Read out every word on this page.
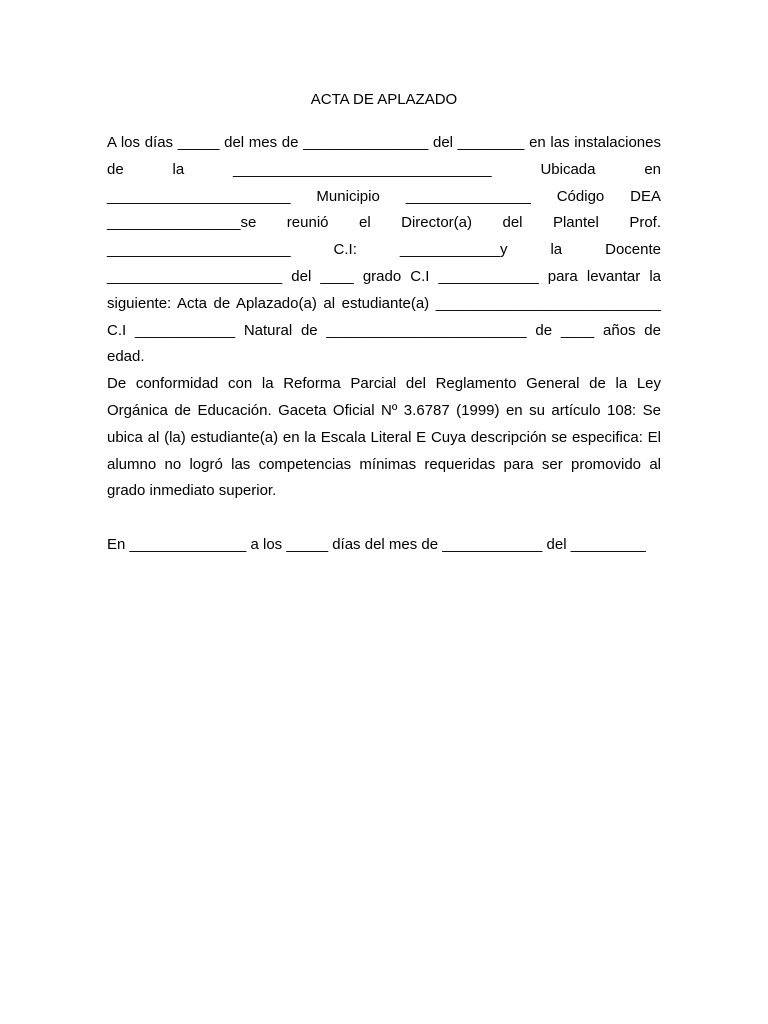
ACTA DE APLAZADO

A los días _____ del mes de _______________ del ________ en las instalaciones de la _______________________________ Ubicada en ______________________ Municipio _______________ Código DEA ________________se reunió el Director(a) del Plantel Prof. ______________________ C.I: ____________y la Docente _____________________ del ____ grado C.I ____________ para levantar la siguiente: Acta de Aplazado(a) al estudiante(a) ___________________________ C.I ____________ Natural de ________________________ de ____ años de edad.

De conformidad con la Reforma Parcial del Reglamento General de la Ley Orgánica de Educación. Gaceta Oficial Nº 3.6787 (1999) en su artículo 108: Se ubica al (la) estudiante(a) en la Escala Literal E Cuya descripción se especifica: El alumno no logró las competencias mínimas requeridas para ser promovido al grado inmediato superior.

En ______________ a los _____ días del mes de ____________ del _________
